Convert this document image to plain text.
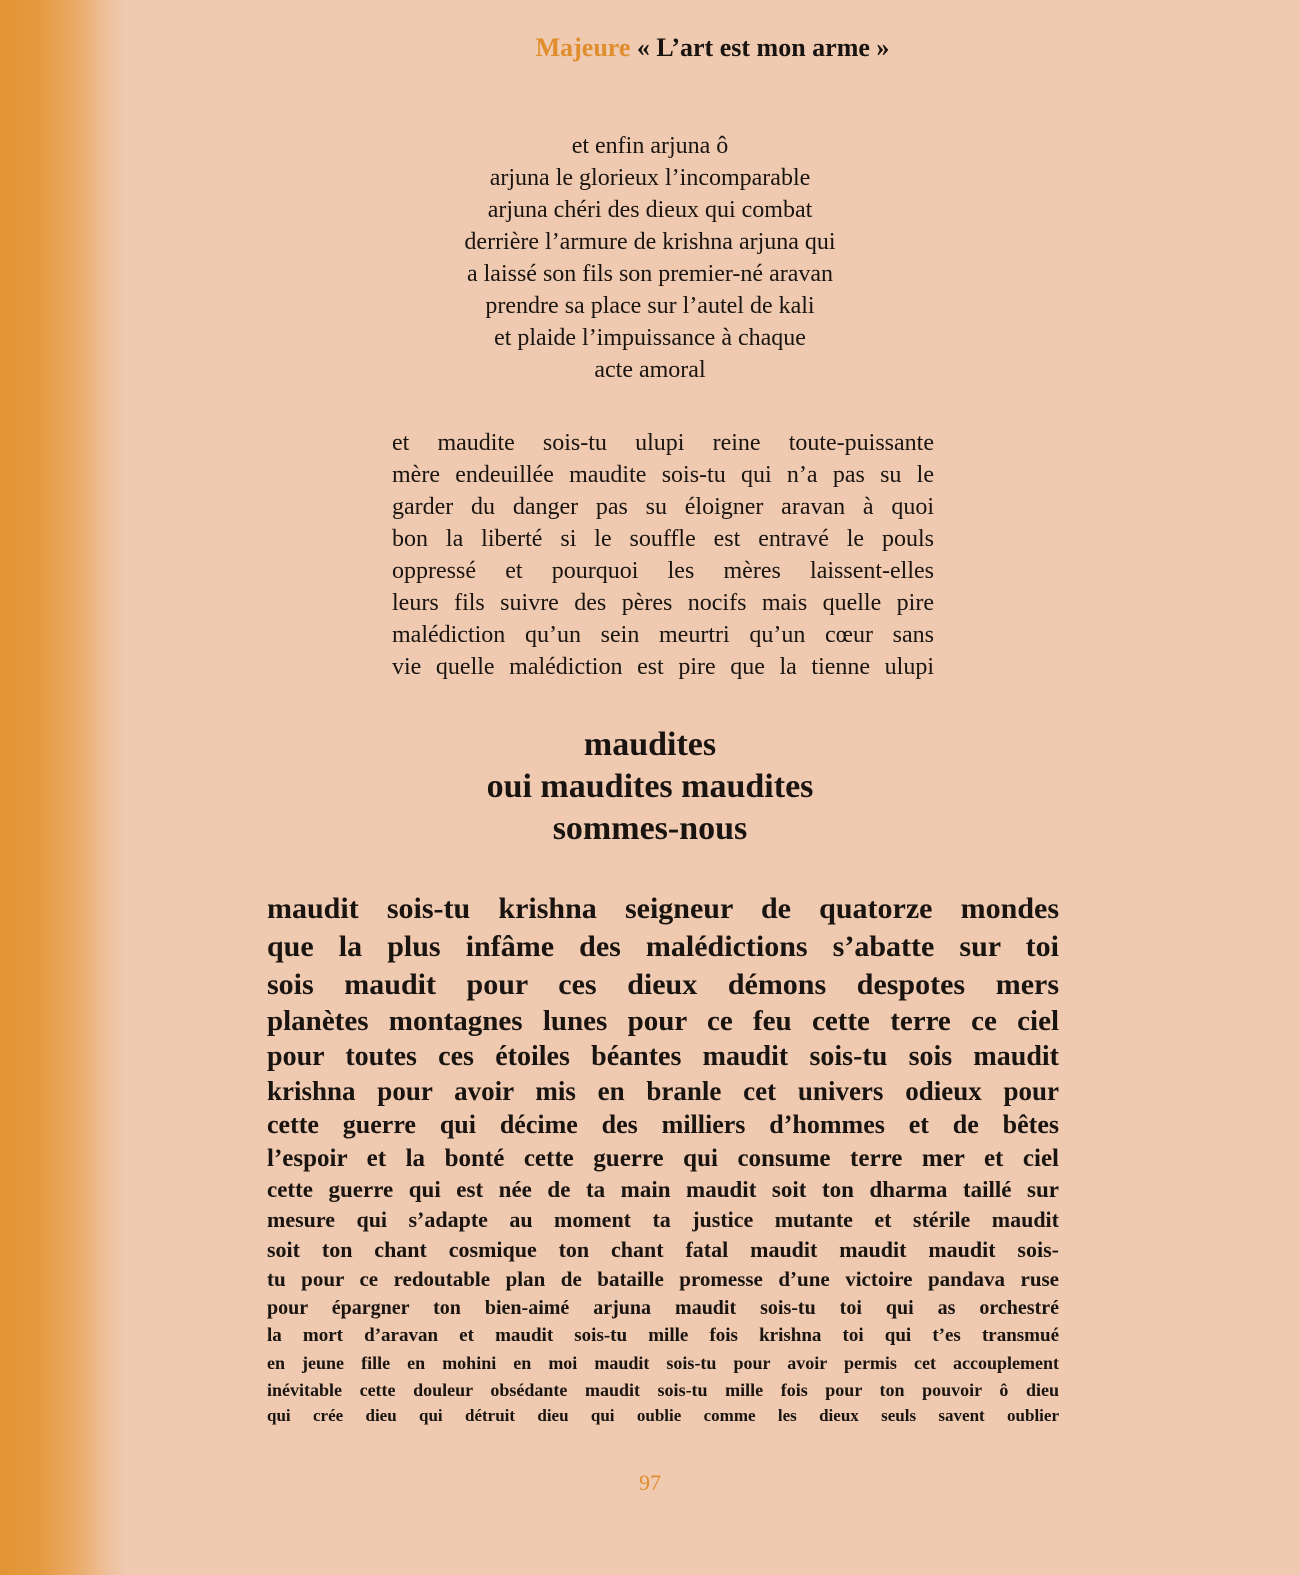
Majeure « L’art est mon arme »
et enfin arjuna ô
arjuna le glorieux l’incomparable
arjuna chéri des dieux qui combat
derrière l’armure de krishna arjuna qui
a laissé son fils son premier-né aravan
prendre sa place sur l’autel de kali
et plaide l’impuissance à chaque
acte amoral
et maudite sois-tu ulupi reine toute-puissante
mère endeuillée maudite sois-tu qui n’a pas su le
garder du danger pas su éloigner aravan à quoi
bon la liberté si le souffle est entravé le pouls
oppressé et pourquoi les mères laissent-elles
leurs fils suivre des pères nocifs mais quelle pire
malédiction qu’un sein meurtri qu’un cœur sans
vie quelle malédiction est pire que la tienne ulupi
maudites
oui maudites maudites
sommes-nous
maudit sois-tu krishna seigneur de quatorze mondes
que la plus infâme des malédictions s’abatte sur toi
sois maudit pour ces dieux démons despotes mers
planètes montagnes lunes pour ce feu cette terre ce ciel
pour toutes ces étoiles béantes maudit sois-tu sois maudit
krishna pour avoir mis en branle cet univers odieux pour
cette guerre qui décime des milliers d’hommes et de bêtes
l’espoir et la bonté cette guerre qui consume terre mer et ciel
cette guerre qui est née de ta main maudit soit ton dharma taillé sur
mesure qui s’adapte au moment ta justice mutante et stérile maudit
soit ton chant cosmique ton chant fatal maudit maudit maudit sois-
tu pour ce redoutable plan de bataille promesse d’une victoire pandava ruse
pour épargner ton bien-aimé arjuna maudit sois-tu toi qui as orchestré
la mort d’aravan et maudit sois-tu mille fois krishna toi qui t’es transmué
en jeune fille en mohini en moi maudit sois-tu pour avoir permis cet accouplement
inévitable cette douleur obsédante maudit sois-tu mille fois pour ton pouvoir ô dieu
qui crée dieu qui détruit dieu qui oublie comme les dieux seuls savent oublier
97
